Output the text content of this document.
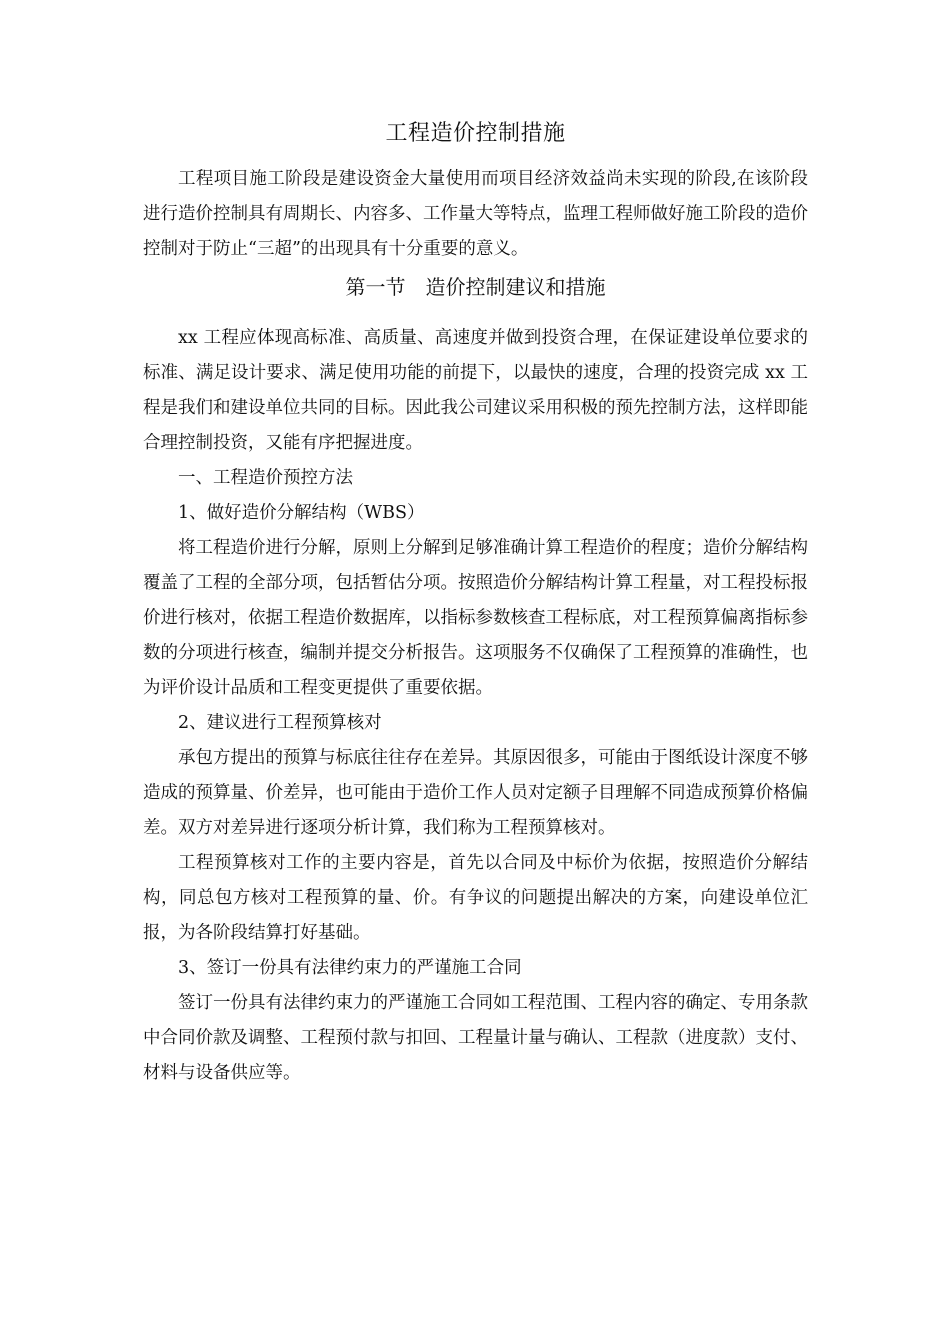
工程造价控制措施

工程项目施工阶段是建设资金大量使用而项目经济效益尚未实现的阶段,在该阶段进行造价控制具有周期长、内容多、工作量大等特点，监理工程师做好施工阶段的造价控制对于防止“三超”的出现具有十分重要的意义。

第一节　造价控制建议和措施

xx 工程应体现高标准、高质量、高速度并做到投资合理，在保证建设单位要求的标准、满足设计要求、满足使用功能的前提下，以最快的速度，合理的投资完成 xx 工程是我们和建设单位共同的目标。因此我公司建议采用积极的预先控制方法，这样即能合理控制投资，又能有序把握进度。

一、工程造价预控方法

1、做好造价分解结构（WBS）

将工程造价进行分解，原则上分解到足够准确计算工程造价的程度；造价分解结构覆盖了工程的全部分项，包括暂估分项。按照造价分解结构计算工程量，对工程投标报价进行核对，依据工程造价数据库，以指标参数核查工程标底，对工程预算偏离指标参数的分项进行核查，编制并提交分析报告。这项服务不仅确保了工程预算的准确性，也为评价设计品质和工程变更提供了重要依据。

2、建议进行工程预算核对

承包方提出的预算与标底往往存在差异。其原因很多，可能由于图纸设计深度不够造成的预算量、价差异，也可能由于造价工作人员对定额子目理解不同造成预算价格偏差。双方对差异进行逐项分析计算，我们称为工程预算核对。

工程预算核对工作的主要内容是，首先以合同及中标价为依据，按照造价分解结构，同总包方核对工程预算的量、价。有争议的问题提出解决的方案，向建设单位汇报，为各阶段结算打好基础。

3、签订一份具有法律约束力的严谨施工合同

签订一份具有法律约束力的严谨施工合同如工程范围、工程内容的确定、专用条款中合同价款及调整、工程预付款与扣回、工程量计量与确认、工程款（进度款）支付、材料与设备供应等。
